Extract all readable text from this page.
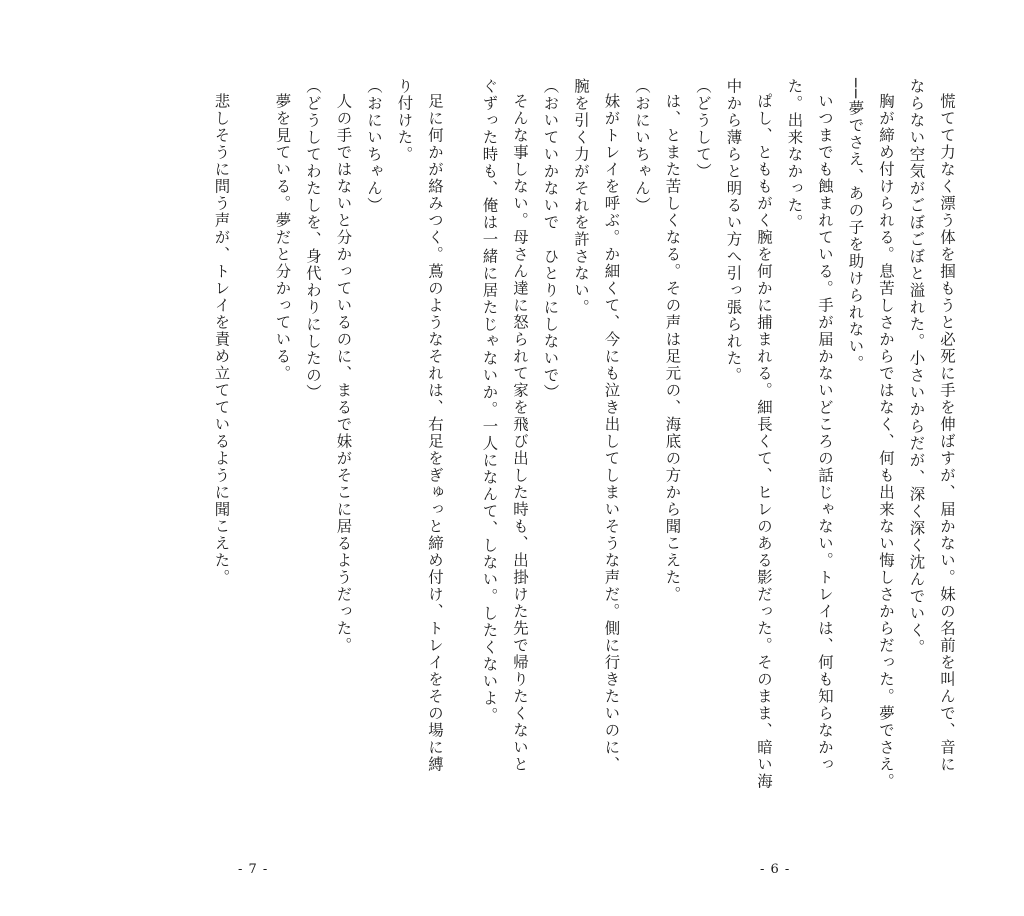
慌てて力なく漂う体を掴もうと必死に手を伸ばすが、届かない。妹の名前を叫んで、音に
ならない空気がごぼごぼと溢れた。小さいからだが、深く深く沈んでいく。
胸が締め付けられる。息苦しさからではなく、何も出来ない悔しさからだった。夢でさえ。
──夢でさえ、あの子を助けられない。
いつまでも蝕まれている。手が届かないどころの話じゃない。トレイは、何も知らなかっ
た。出来なかった。
ぱし、とももがく腕を何かに捕まれる。細長くて、ヒレのある影だった。そのまま、暗い海
中から薄らと明るい方へ引っ張られた。
（どうして）
は、とまた苦しくなる。その声は足元の、海底の方から聞こえた。
（おにいちゃん）
妹がトレイを呼ぶ。か細くて、今にも泣き出してしまいそうな声だ。側に行きたいのに、
腕を引く力がそれを許さない。
（おいていかないで　ひとりにしないで）
そんな事しない。母さん達に怒られて家を飛び出した時も、出掛けた先で帰りたくないと
ぐずった時も、俺は一緒に居たじゃないか。一人になんて、しない。したくないよ。
- 6 -
足に何かが絡みつく。蔦のようなそれは、右足をぎゅっと締め付け、トレイをその場に縛
り付けた。
（おにいちゃん）
人の手ではないと分かっているのに、まるで妹がそこに居るようだった。
（どうしてわたしを、身代わりにしたの）
夢を見ている。夢だと分かっている。

悲しそうに問う声が、トレイを責め立てているように聞こえた。
- 7 -
